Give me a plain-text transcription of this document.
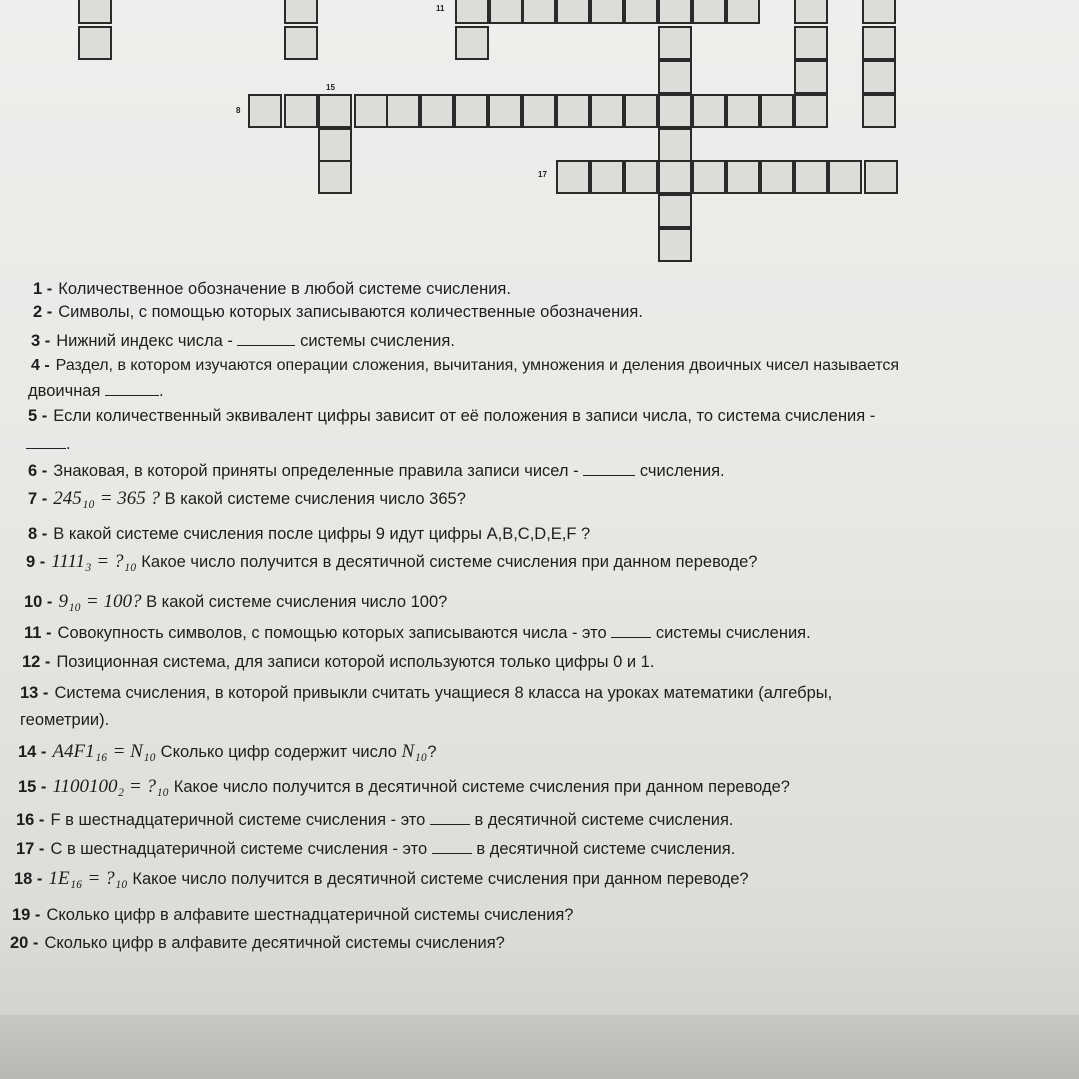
11
15
8
17
1 - Количественное обозначение в любой системе счисления.
2 - Символы, с помощью которых записываются количественные обозначения.
3 - Нижний индекс числа -	системы счисления.
4 - Раздел, в котором изучаются операции сложения, вычитания, умножения и деления двоичных чисел называется
двоичная	.
5 - Если количественный эквивалент цифры зависит от её положения в записи числа, то система счисления -
.
6 - Знаковая, в которой приняты определенные правила записи чисел -	счисления.
7 - 245₁₀ = 365 ? В какой системе счисления число 365?
8 - В какой системе счисления после цифры 9 идут цифры A,B,C,D,E,F ?
9 - 1111₃ = ?₁₀ Какое число получится в десятичной системе счисления при данном переводе?
10 - 9₁₀ = 100? В какой системе счисления число 100?
11 - Совокупность символов, с помощью которых записываются числа - это	системы счисления.
12 - Позиционная система, для записи которой используются только цифры 0 и 1.
13 - Система счисления, в которой привыкли считать учащиеся 8 класса на уроках математики (алгебры,
геометрии).
14 - A4F1₁₆ = N₁₀ Сколько цифр содержит число N₁₀?
15 - 1100100₂ = ?₁₀ Какое число получится в десятичной системе счисления при данном переводе?
16 - F в шестнадцатеричной системе счисления - это	в десятичной системе счисления.
17 - C в шестнадцатеричной системе счисления - это	в десятичной системе счисления.
18 - 1E₁₆ = ?₁₀ Какое число получится в десятичной системе счисления при данном переводе?
19 - Сколько цифр в алфавите шестнадцатеричной системы счисления?
20 - Сколько цифр в алфавите десятичной системы счисления?
